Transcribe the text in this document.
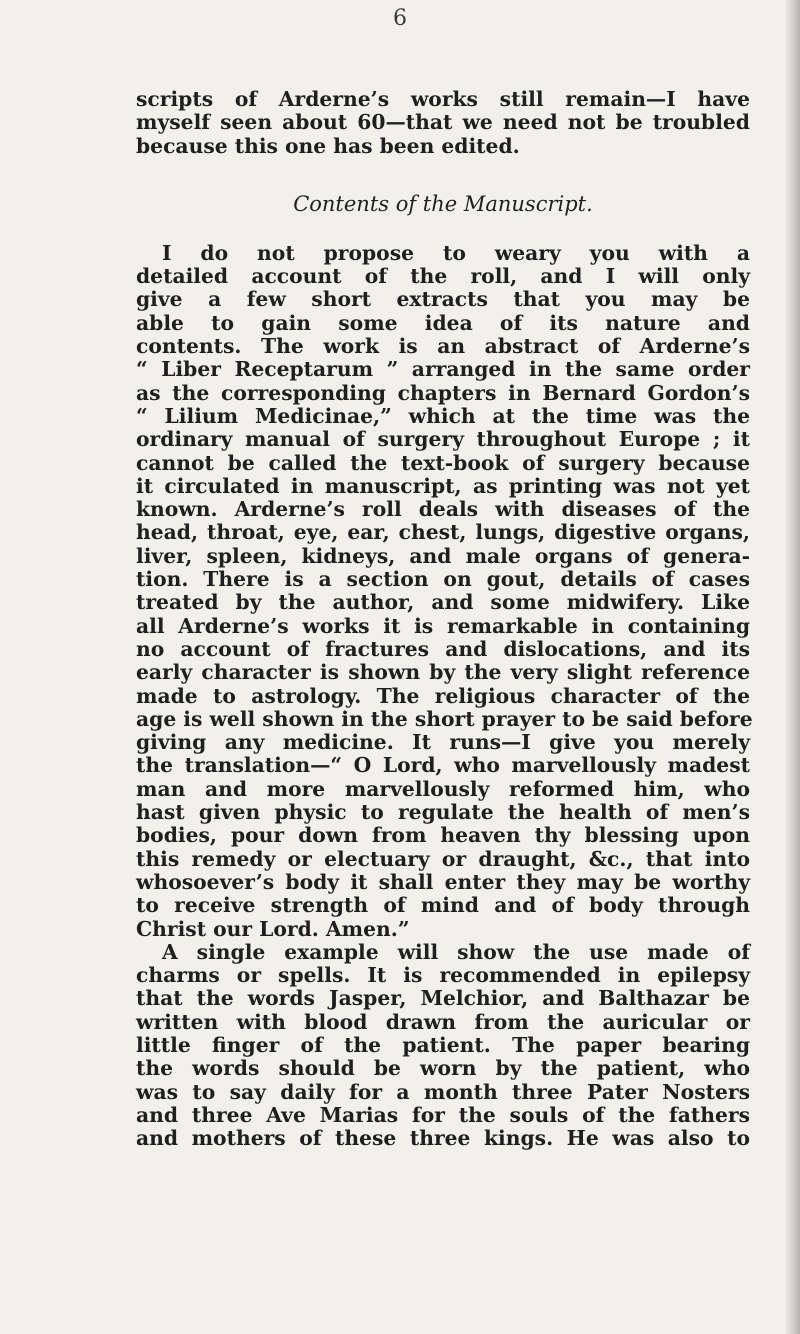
6
scripts of Arderne’s works still remain—I have
myself seen about 60—that we need not be troubled
because this one has been edited.
Contents of the Manuscript.
I do not propose to weary you with a
detailed account of the roll, and I will only
give a few short extracts that you may be
able to gain some idea of its nature and
contents. The work is an abstract of Arderne’s
“ Liber Receptarum ” arranged in the same order
as the corresponding chapters in Bernard Gordon’s
“ Lilium Medicinae,” which at the time was the
ordinary manual of surgery throughout Europe ; it
cannot be called the text-book of surgery because
it circulated in manuscript, as printing was not yet
known. Arderne’s roll deals with diseases of the
head, throat, eye, ear, chest, lungs, digestive organs,
liver, spleen, kidneys, and male organs of genera-
tion. There is a section on gout, details of cases
treated by the author, and some midwifery. Like
all Arderne’s works it is remarkable in containing
no account of fractures and dislocations, and its
early character is shown by the very slight reference
made to astrology. The religious character of the
age is well shown in the short prayer to be said before
giving any medicine. It runs—I give you merely
the translation—“ O Lord, who marvellously madest
man and more marvellously reformed him, who
hast given physic to regulate the health of men’s
bodies, pour down from heaven thy blessing upon
this remedy or electuary or draught, &c., that into
whosoever’s body it shall enter they may be worthy
to receive strength of mind and of body through
Christ our Lord. Amen.”
A single example will show the use made of
charms or spells. It is recommended in epilepsy
that the words Jasper, Melchior, and Balthazar be
written with blood drawn from the auricular or
little finger of the patient. The paper bearing
the words should be worn by the patient, who
was to say daily for a month three Pater Nosters
and three Ave Marias for the souls of the fathers
and mothers of these three kings. He was also to
